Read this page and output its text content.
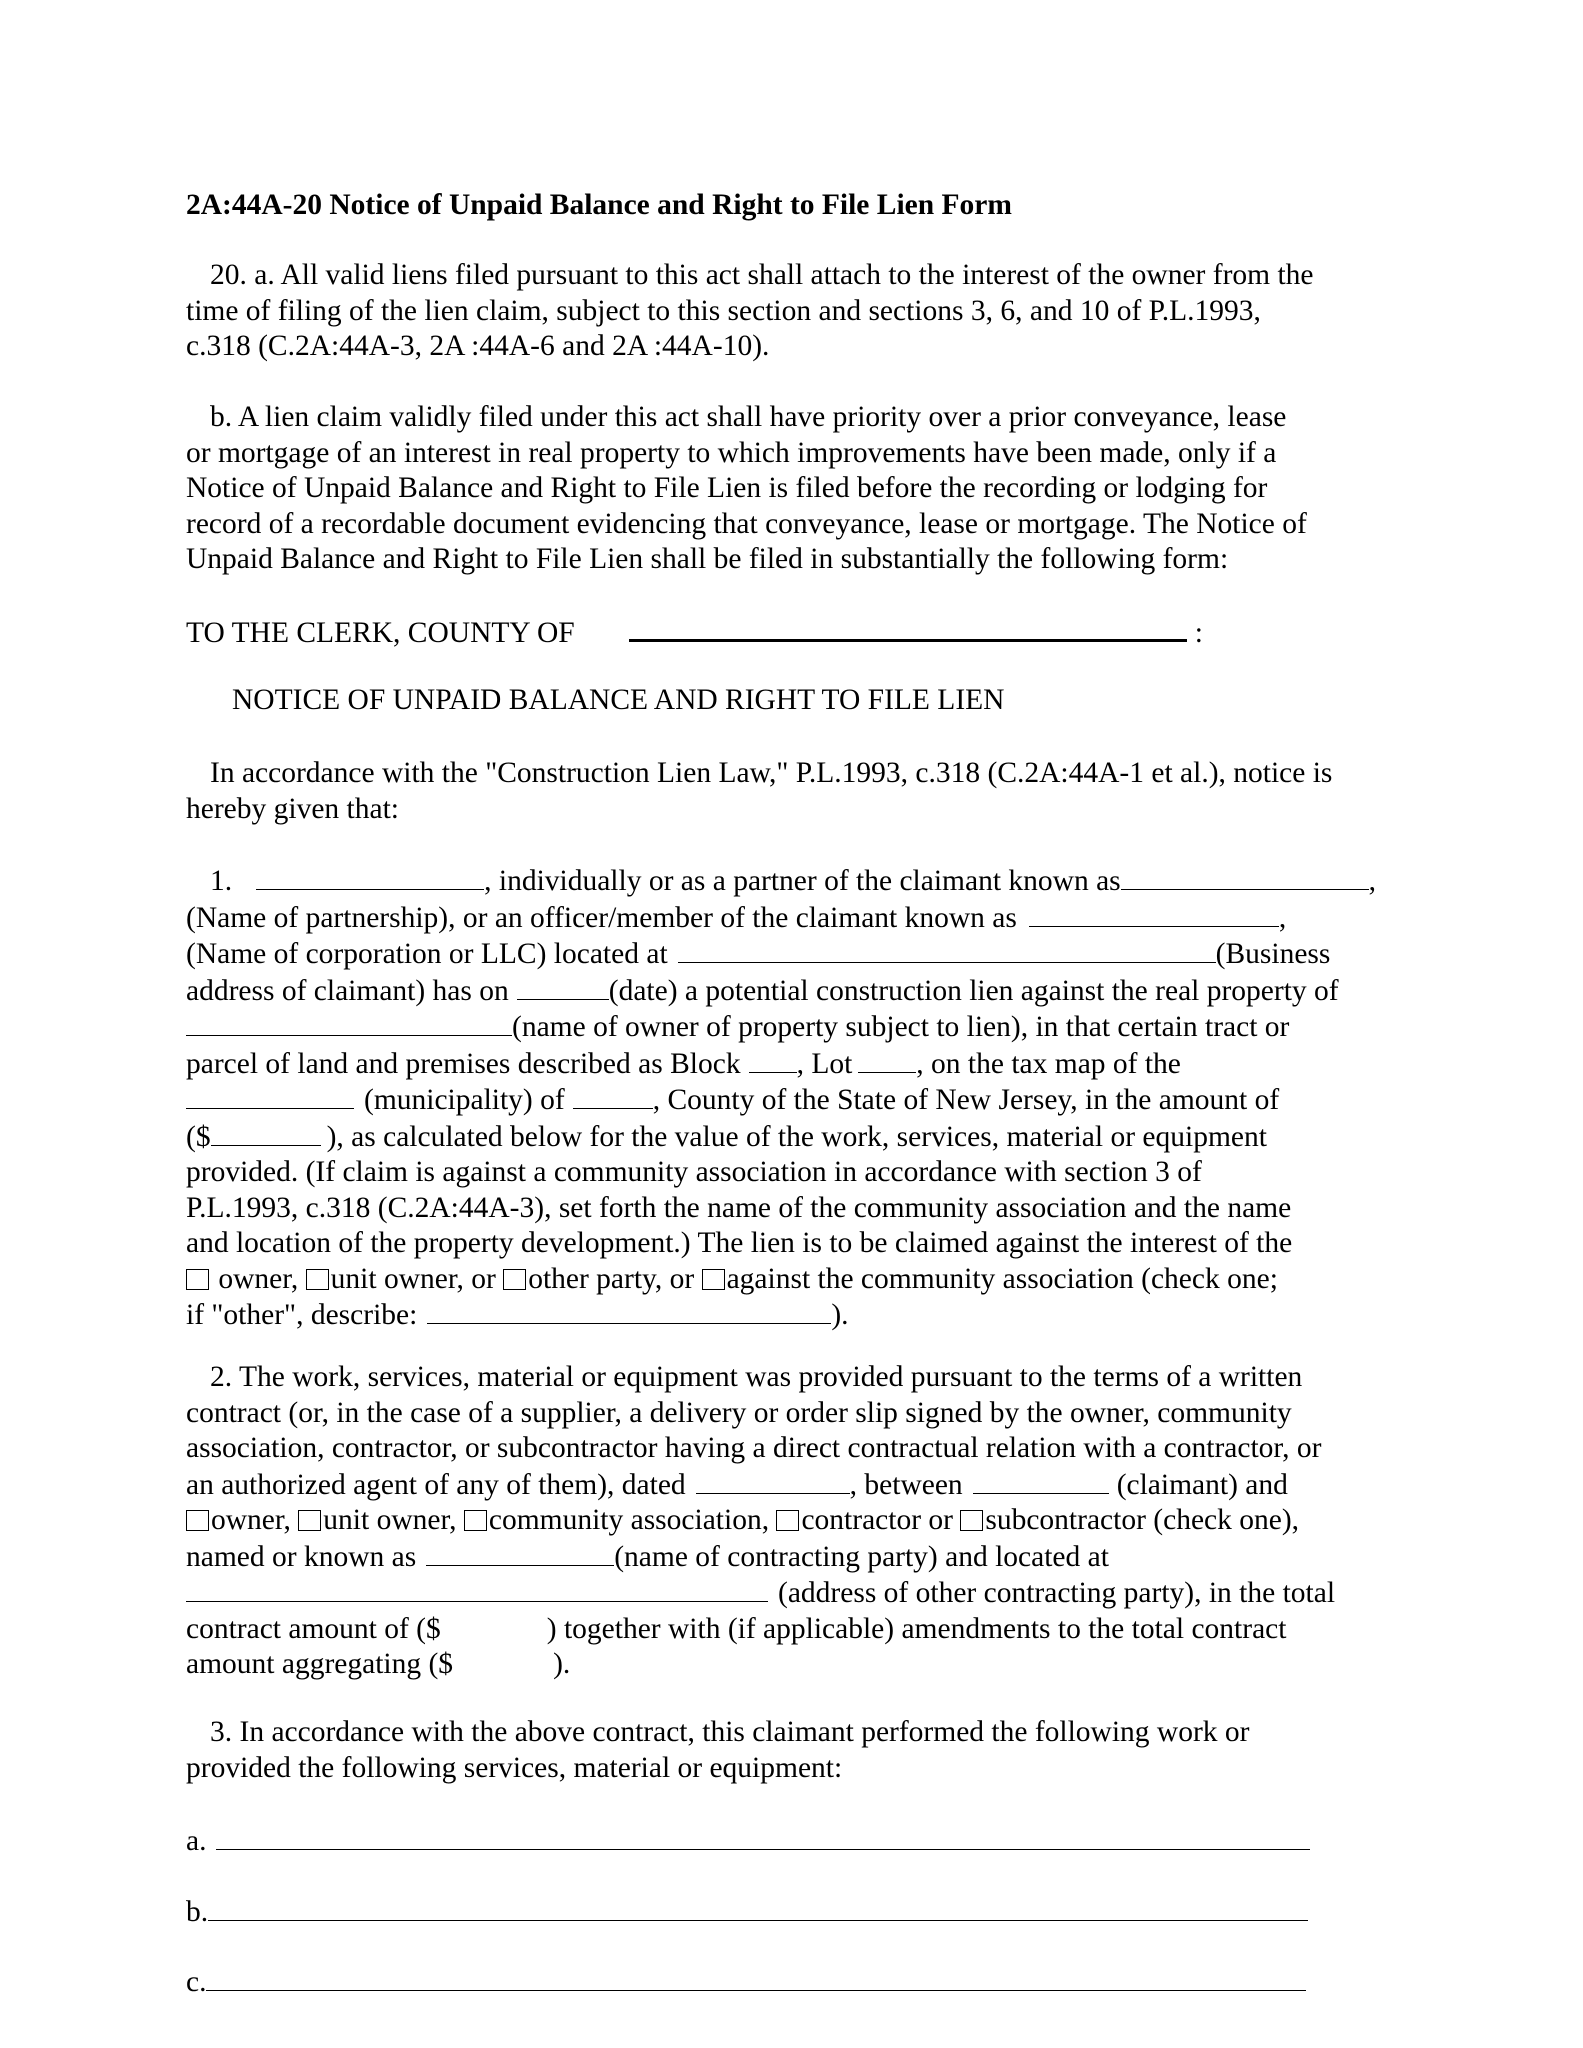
2A:44A-20 Notice of Unpaid Balance and Right to File Lien Form
20. a. All valid liens filed pursuant to this act shall attach to the interest of the owner from the
time of filing of the lien claim, subject to this section and sections 3, 6, and 10 of P.L.1993,
c.318 (C.2A:44A-3, 2A :44A-6 and 2A :44A-10).
b. A lien claim validly filed under this act shall have priority over a prior conveyance, lease
or mortgage of an interest in real property to which improvements have been made, only if a
Notice of Unpaid Balance and Right to File Lien is filed before the recording or lodging for
record of a recordable document evidencing that conveyance, lease or mortgage. The Notice of
Unpaid Balance and Right to File Lien shall be filed in substantially the following form:
TO THE CLERK, COUNTY OF	:
NOTICE OF UNPAID BALANCE AND RIGHT TO FILE LIEN
In accordance with the "Construction Lien Law," P.L.1993, c.318 (C.2A:44A-1 et al.), notice is
hereby given that:
1.	, individually or as a partner of the claimant known as	,
(Name of partnership), or an officer/member of the claimant known as	,
(Name of corporation or LLC) located at	(Business
address of claimant) has on	(date) a potential construction lien against the real property of
(name of owner of property subject to lien), in that certain tract or
parcel of land and premises described as Block , Lot , on the tax map of the
(municipality) of	, County of the State of New Jersey, in the amount of
($	), as calculated below for the value of the work, services, material or equipment
provided. (If claim is against a community association in accordance with section 3 of
P.L.1993, c.318 (C.2A:44A-3), set forth the name of the community association and the name
and location of the property development.) The lien is to be claimed against the interest of the
owner, unit owner, or other party, or against the community association (check one;
if "other", describe:	).
2. The work, services, material or equipment was provided pursuant to the terms of a written
contract (or, in the case of a supplier, a delivery or order slip signed by the owner, community
association, contractor, or subcontractor having a direct contractual relation with a contractor, or
an authorized agent of any of them), dated	, between	(claimant) and
owner, unit owner, community association, contractor or subcontractor (check one),
named or known as	(name of contracting party) and located at
(address of other contracting party), in the total
contract amount of ($	) together with (if applicable) amendments to the total contract
amount aggregating ($	).
3. In accordance with the above contract, this claimant performed the following work or
provided the following services, material or equipment:
a.
b.
c.
